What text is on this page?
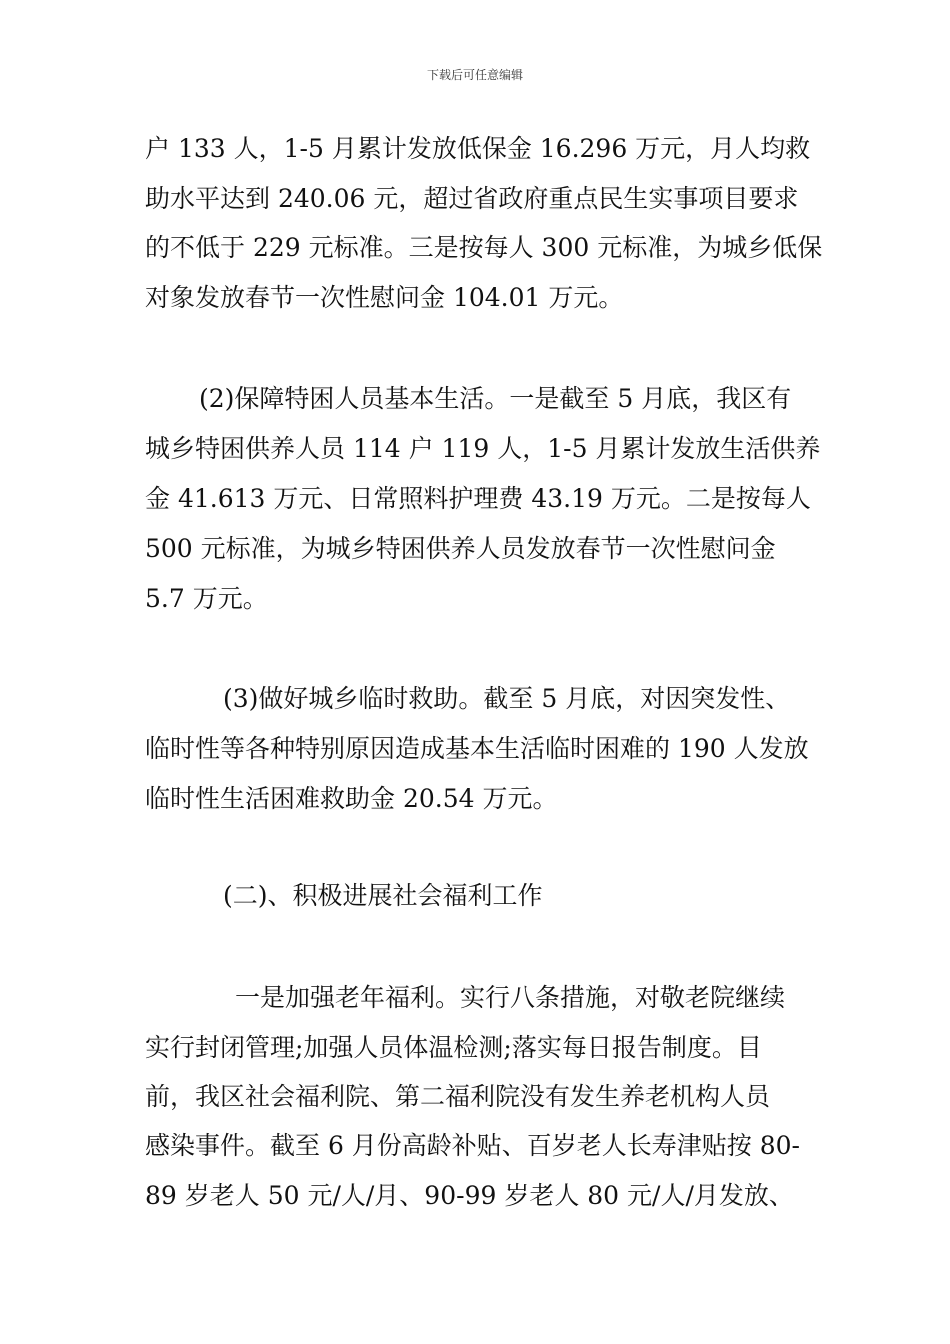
下载后可任意编辑
户 133 人，1-5 月累计发放低保金 16.296 万元，月人均救
助水平达到 240.06 元，超过省政府重点民生实事项目要求
的不低于 229 元标准。三是按每人 300 元标准，为城乡低保
对象发放春节一次性慰问金 104.01 万元。
(2)保障特困人员基本生活。一是截至 5 月底，我区有
城乡特困供养人员 114 户 119 人，1-5 月累计发放生活供养
金 41.613 万元、日常照料护理费 43.19 万元。二是按每人
500 元标准，为城乡特困供养人员发放春节一次性慰问金
5.7 万元。
(3)做好城乡临时救助。截至 5 月底，对因突发性、
临时性等各种特别原因造成基本生活临时困难的 190 人发放
临时性生活困难救助金 20.54 万元。
(二)、积极进展社会福利工作
一是加强老年福利。实行八条措施，对敬老院继续
实行封闭管理;加强人员体温检测;落实每日报告制度。目
前，我区社会福利院、第二福利院没有发生养老机构人员
感染事件。截至 6 月份高龄补贴、百岁老人长寿津贴按 80-
89 岁老人 50 元/人/月、90-99 岁老人 80 元/人/月发放、
